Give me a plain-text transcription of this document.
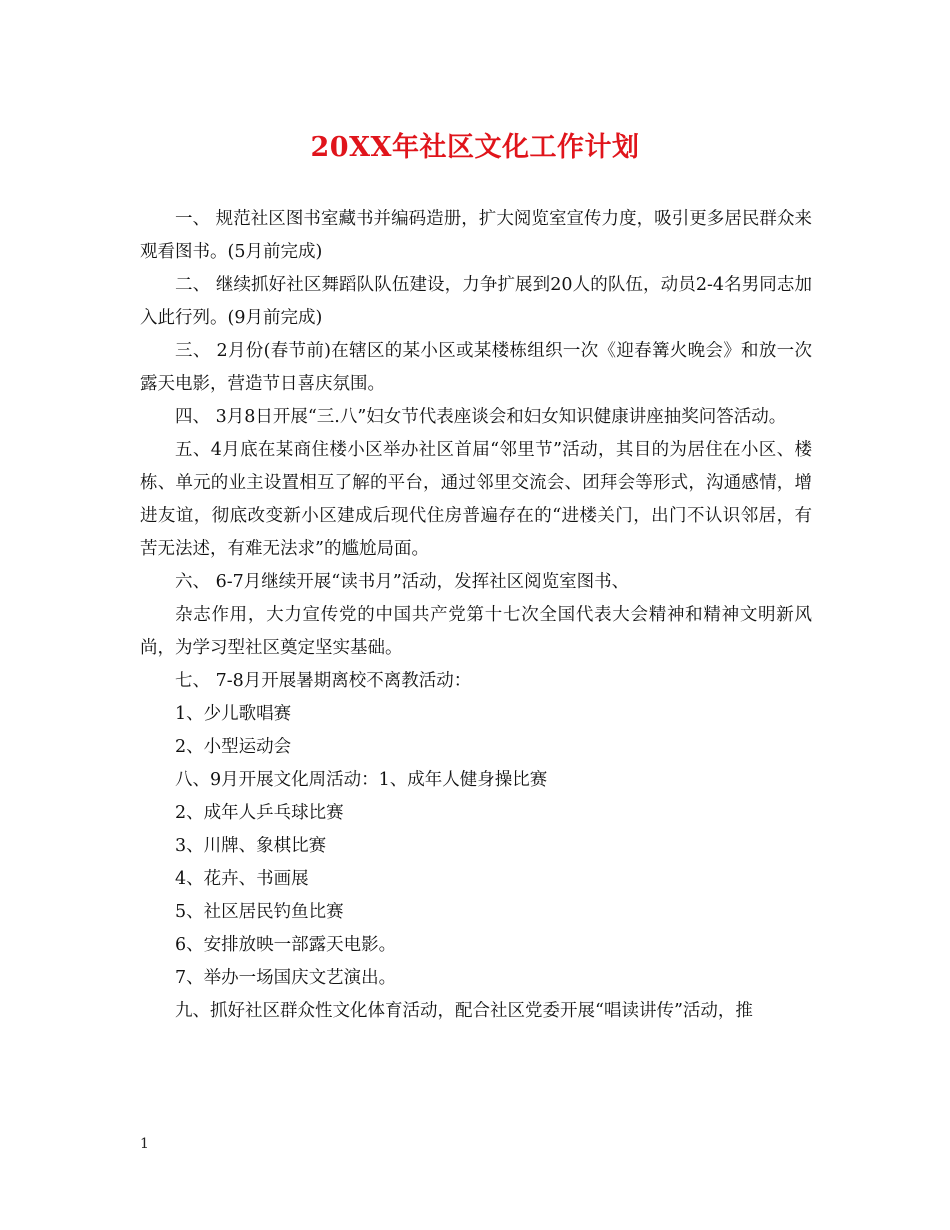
20XX年社区文化工作计划

一、 规范社区图书室藏书并编码造册，扩大阅览室宣传力度，吸引更多居民群众来观看图书。(5月前完成)

二、 继续抓好社区舞蹈队队伍建设，力争扩展到20人的队伍，动员2-4名男同志加入此行列。(9月前完成)

三、 2月份(春节前)在辖区的某小区或某楼栋组织一次《迎春篝火晚会》和放一次露天电影，营造节日喜庆氛围。

四、 3月8日开展“三.八”妇女节代表座谈会和妇女知识健康讲座抽奖问答活动。

五、4月底在某商住楼小区举办社区首届“邻里节”活动，其目的为居住在小区、楼栋、单元的业主设置相互了解的平台，通过邻里交流会、团拜会等形式，沟通感情，增进友谊，彻底改变新小区建成后现代住房普遍存在的“进楼关门，出门不认识邻居，有苦无法述，有难无法求”的尴尬局面。

六、 6-7月继续开展“读书月”活动，发挥社区阅览室图书、

杂志作用，大力宣传党的中国共产党第十七次全国代表大会精神和精神文明新风尚，为学习型社区奠定坚实基础。

七、 7-8月开展暑期离校不离教活动：

1、少儿歌唱赛

2、小型运动会

八、9月开展文化周活动：1、成年人健身操比赛

2、成年人乒乓球比赛

3、川牌、象棋比赛

4、花卉、书画展

5、社区居民钓鱼比赛

6、安排放映一部露天电影。

7、举办一场国庆文艺演出。

九、抓好社区群众性文化体育活动，配合社区党委开展“唱读讲传”活动，推

1
